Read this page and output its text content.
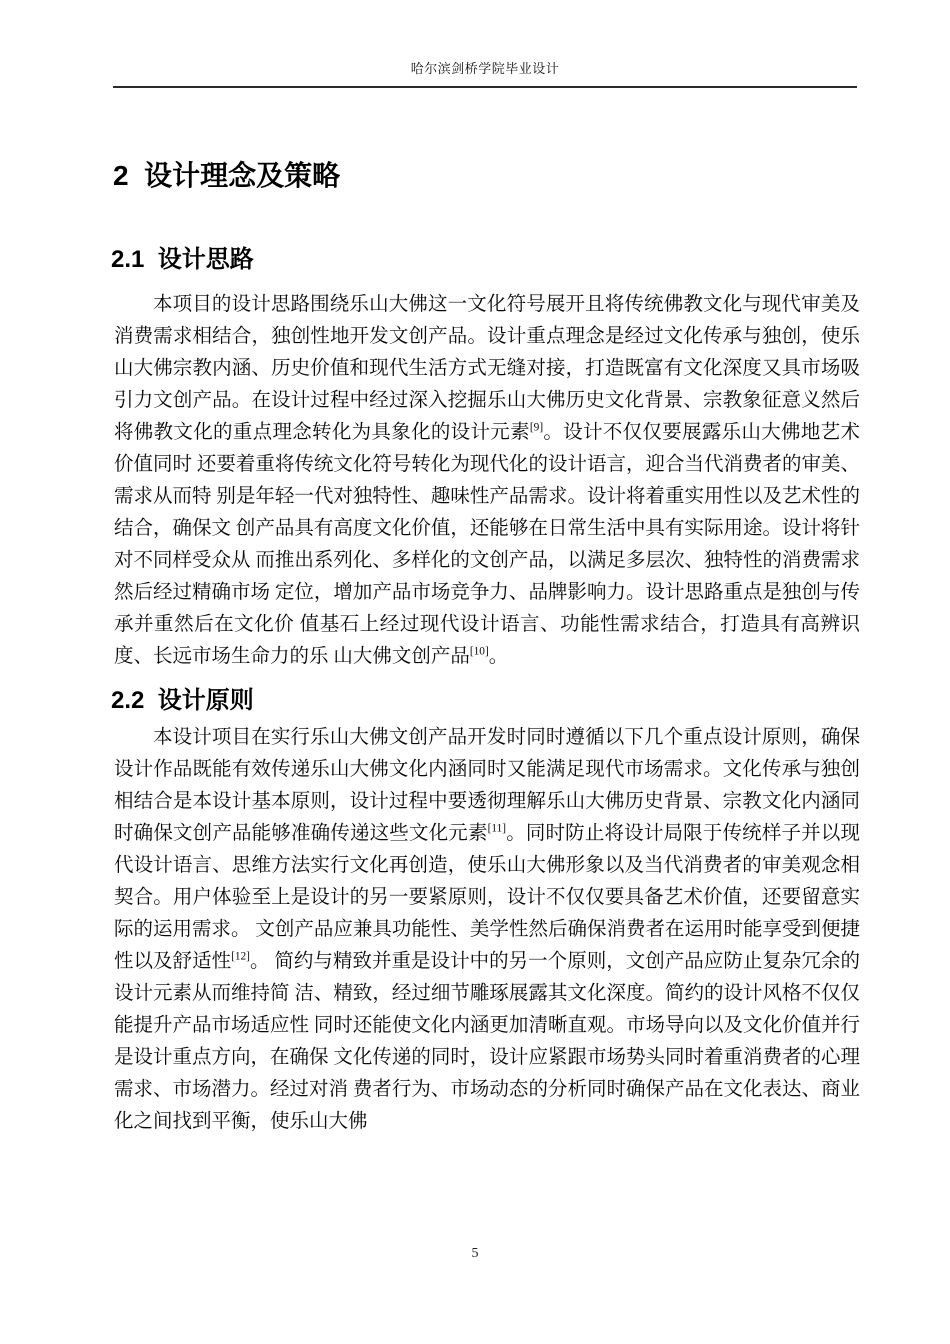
哈尔滨剑桥学院毕业设计
2  设计理念及策略
2.1  设计思路

本项目的设计思路围绕乐山大佛这一文化符号展开且将传统佛教文化与现代审美及消费需求相结合，独创性地开发文创产品。设计重点理念是经过文化传承与独创，使乐山大佛宗教内涵、历史价值和现代生活方式无缝对接，打造既富有文化深度又具市场吸引力文创产品。在设计过程中经过深入挖掘乐山大佛历史文化背景、宗教象征意义然后将佛教文化的重点理念转化为具象化的设计元素[9]。设计不仅仅要展露乐山大佛地艺术价值同时 还要着重将传统文化符号转化为现代化的设计语言，迎合当代消费者的审美、需求从而特 别是年轻一代对独特性、趣味性产品需求。设计将着重实用性以及艺术性的结合，确保文 创产品具有高度文化价值，还能够在日常生活中具有实际用途。设计将针对不同样受众从 而推出系列化、多样化的文创产品，以满足多层次、独特性的消费需求然后经过精确市场 定位，增加产品市场竞争力、品牌影响力。设计思路重点是独创与传承并重然后在文化价 值基石上经过现代设计语言、功能性需求结合，打造具有高辨识度、长远市场生命力的乐 山大佛文创产品[10]。

2.2  设计原则

本设计项目在实行乐山大佛文创产品开发时同时遵循以下几个重点设计原则，确保设计作品既能有效传递乐山大佛文化内涵同时又能满足现代市场需求。文化传承与独创相结合是本设计基本原则，设计过程中要透彻理解乐山大佛历史背景、宗教文化内涵同时确保文创产品能够准确传递这些文化元素[11]。同时防止将设计局限于传统样子并以现代设计语言、思维方法实行文化再创造，使乐山大佛形象以及当代消费者的审美观念相契合。用户体验至上是设计的另一要紧原则，设计不仅仅要具备艺术价值，还要留意实际的运用需求。 文创产品应兼具功能性、美学性然后确保消费者在运用时能享受到便捷性以及舒适性[12]。 简约与精致并重是设计中的另一个原则，文创产品应防止复杂冗余的设计元素从而维持简 洁、精致，经过细节雕琢展露其文化深度。简约的设计风格不仅仅能提升产品市场适应性 同时还能使文化内涵更加清晰直观。市场导向以及文化价值并行是设计重点方向，在确保 文化传递的同时，设计应紧跟市场势头同时着重消费者的心理需求、市场潜力。经过对消 费者行为、市场动态的分析同时确保产品在文化表达、商业化之间找到平衡，使乐山大佛

5
